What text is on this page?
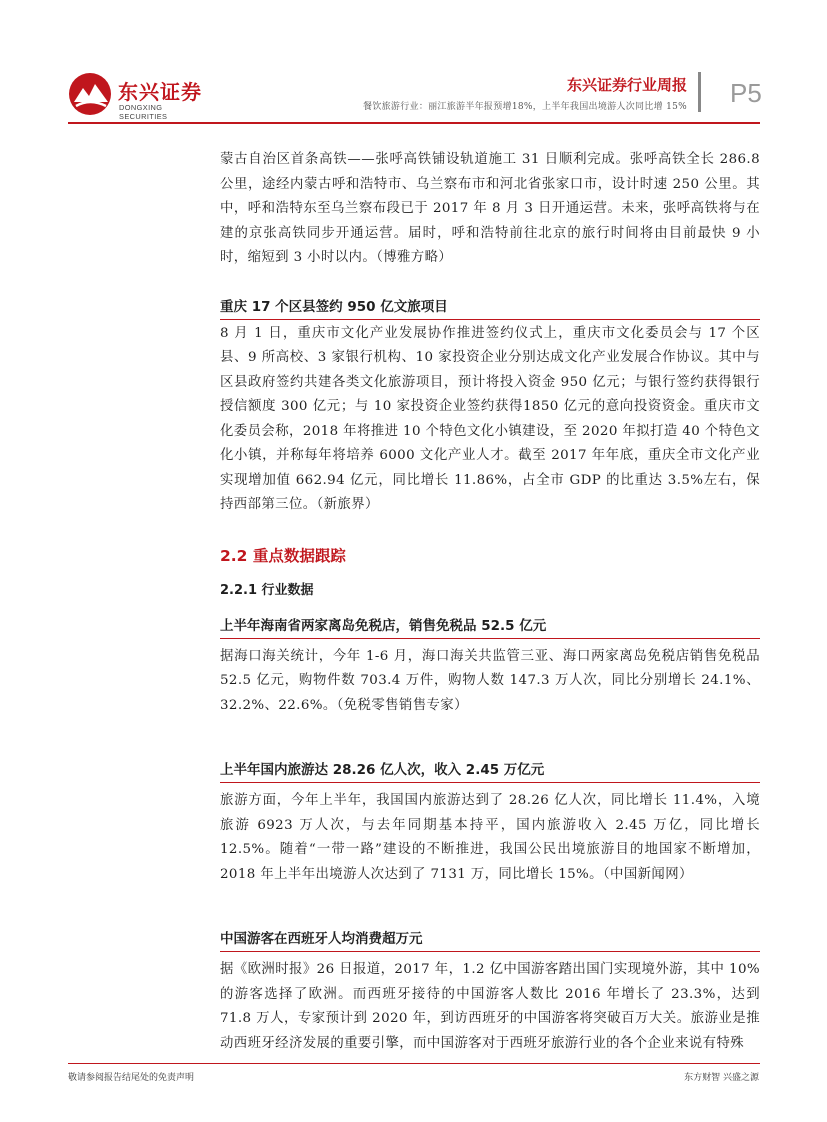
东兴证券
DONGXING SECURITIES
东兴证券行业周报
餐饮旅游行业：丽江旅游半年报预增18%，上半年我国出境游人次同比增 15% P5

蒙古自治区首条高铁——张呼高铁铺设轨道施工 31 日顺利完成。张呼高铁全长 286.8 公里，途经内蒙古呼和浩特市、乌兰察布市和河北省张家口市，设计时速 250 公里。其中，呼和浩特东至乌兰察布段已于 2017 年 8 月 3 日开通运营。未来，张呼高铁将与在建的京张高铁同步开通运营。届时，呼和浩特前往北京的旅行时间将由目前最快 9 小时，缩短到 3 小时以内。（博雅方略）

重庆 17 个区县签约 950 亿文旅项目

8 月 1 日，重庆市文化产业发展协作推进签约仪式上，重庆市文化委员会与 17 个区县、9 所高校、3 家银行机构、10 家投资企业分别达成文化产业发展合作协议。其中与区县政府签约共建各类文化旅游项目，预计将投入资金 950 亿元；与银行签约获得银行授信额度 300 亿元；与 10 家投资企业签约获得1850 亿元的意向投资资金。重庆市文化委员会称，2018 年将推进 10 个特色文化小镇建设，至 2020 年拟打造 40 个特色文化小镇，并称每年将培养 6000 文化产业人才。截至 2017 年年底，重庆全市文化产业实现增加值 662.94 亿元，同比增长 11.86%，占全市 GDP 的比重达 3.5%左右，保持西部第三位。（新旅界）

2.2 重点数据跟踪
2.2.1 行业数据
上半年海南省两家离岛免税店，销售免税品 52.5 亿元

据海口海关统计，今年 1-6 月，海口海关共监管三亚、海口两家离岛免税店销售免税品 52.5 亿元，购物件数 703.4 万件，购物人数 147.3 万人次，同比分别增长 24.1%、32.2%、22.6%。（免税零售销售专家）

上半年国内旅游达 28.26 亿人次，收入 2.45 万亿元

旅游方面，今年上半年，我国国内旅游达到了 28.26 亿人次，同比增长 11.4%，入境旅游 6923 万人次，与去年同期基本持平，国内旅游收入 2.45 万亿，同比增长 12.5%。随着“一带一路”建设的不断推进，我国公民出境旅游目的地国家不断增加，2018 年上半年出境游人次达到了 7131 万，同比增长 15%。（中国新闻网）

中国游客在西班牙人均消费超万元

据《欧洲时报》26 日报道，2017 年，1.2 亿中国游客踏出国门实现境外游，其中 10% 的游客选择了欧洲。而西班牙接待的中国游客人数比 2016 年增长了 23.3%，达到 71.8 万人，专家预计到 2020 年，到访西班牙的中国游客将突破百万大关。旅游业是推动西班牙经济发展的重要引擎，而中国游客对于西班牙旅游行业的各个企业来说有特殊

敬请参阅报告结尾处的免责声明	东方财智 兴盛之源
